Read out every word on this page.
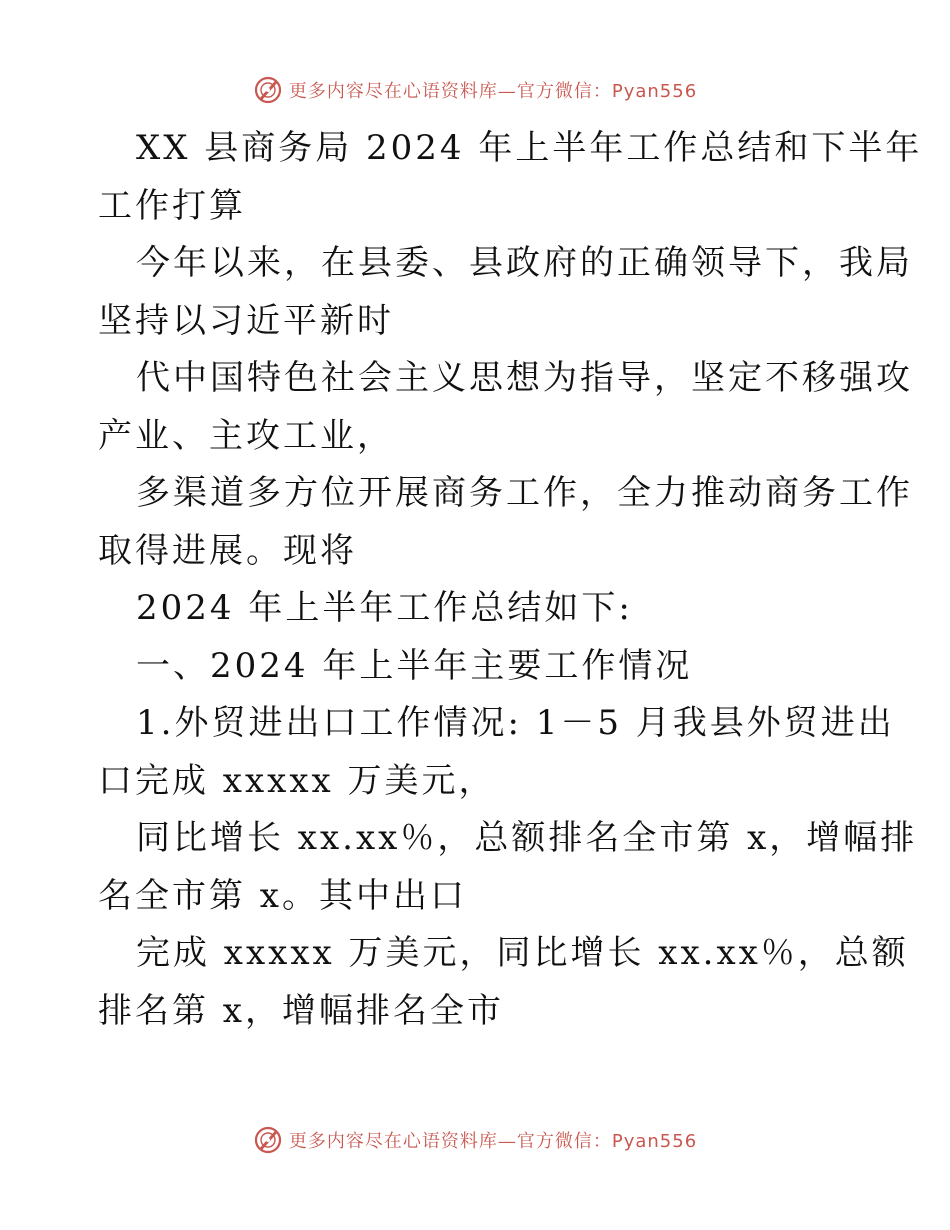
更多内容尽在心语资料库—官方微信：Pyan556
XX 县商务局 2024 年上半年工作总结和下半年
工作打算
今年以来，在县委、县政府的正确领导下，我局
坚持以习近平新时
代中国特色社会主义思想为指导，坚定不移强攻
产业、主攻工业，
多渠道多方位开展商务工作，全力推动商务工作
取得进展。现将
2024 年上半年工作总结如下:
一、2024 年上半年主要工作情况
1.外贸进出口工作情况: 1－5 月我县外贸进出
口完成 xxxxx 万美元，
同比增长 xx.xx％，总额排名全市第 x，增幅排
名全市第 x。其中出口
完成 xxxxx 万美元，同比增长 xx.xx％，总额
排名第 x，增幅排名全市
更多内容尽在心语资料库—官方微信：Pyan556
